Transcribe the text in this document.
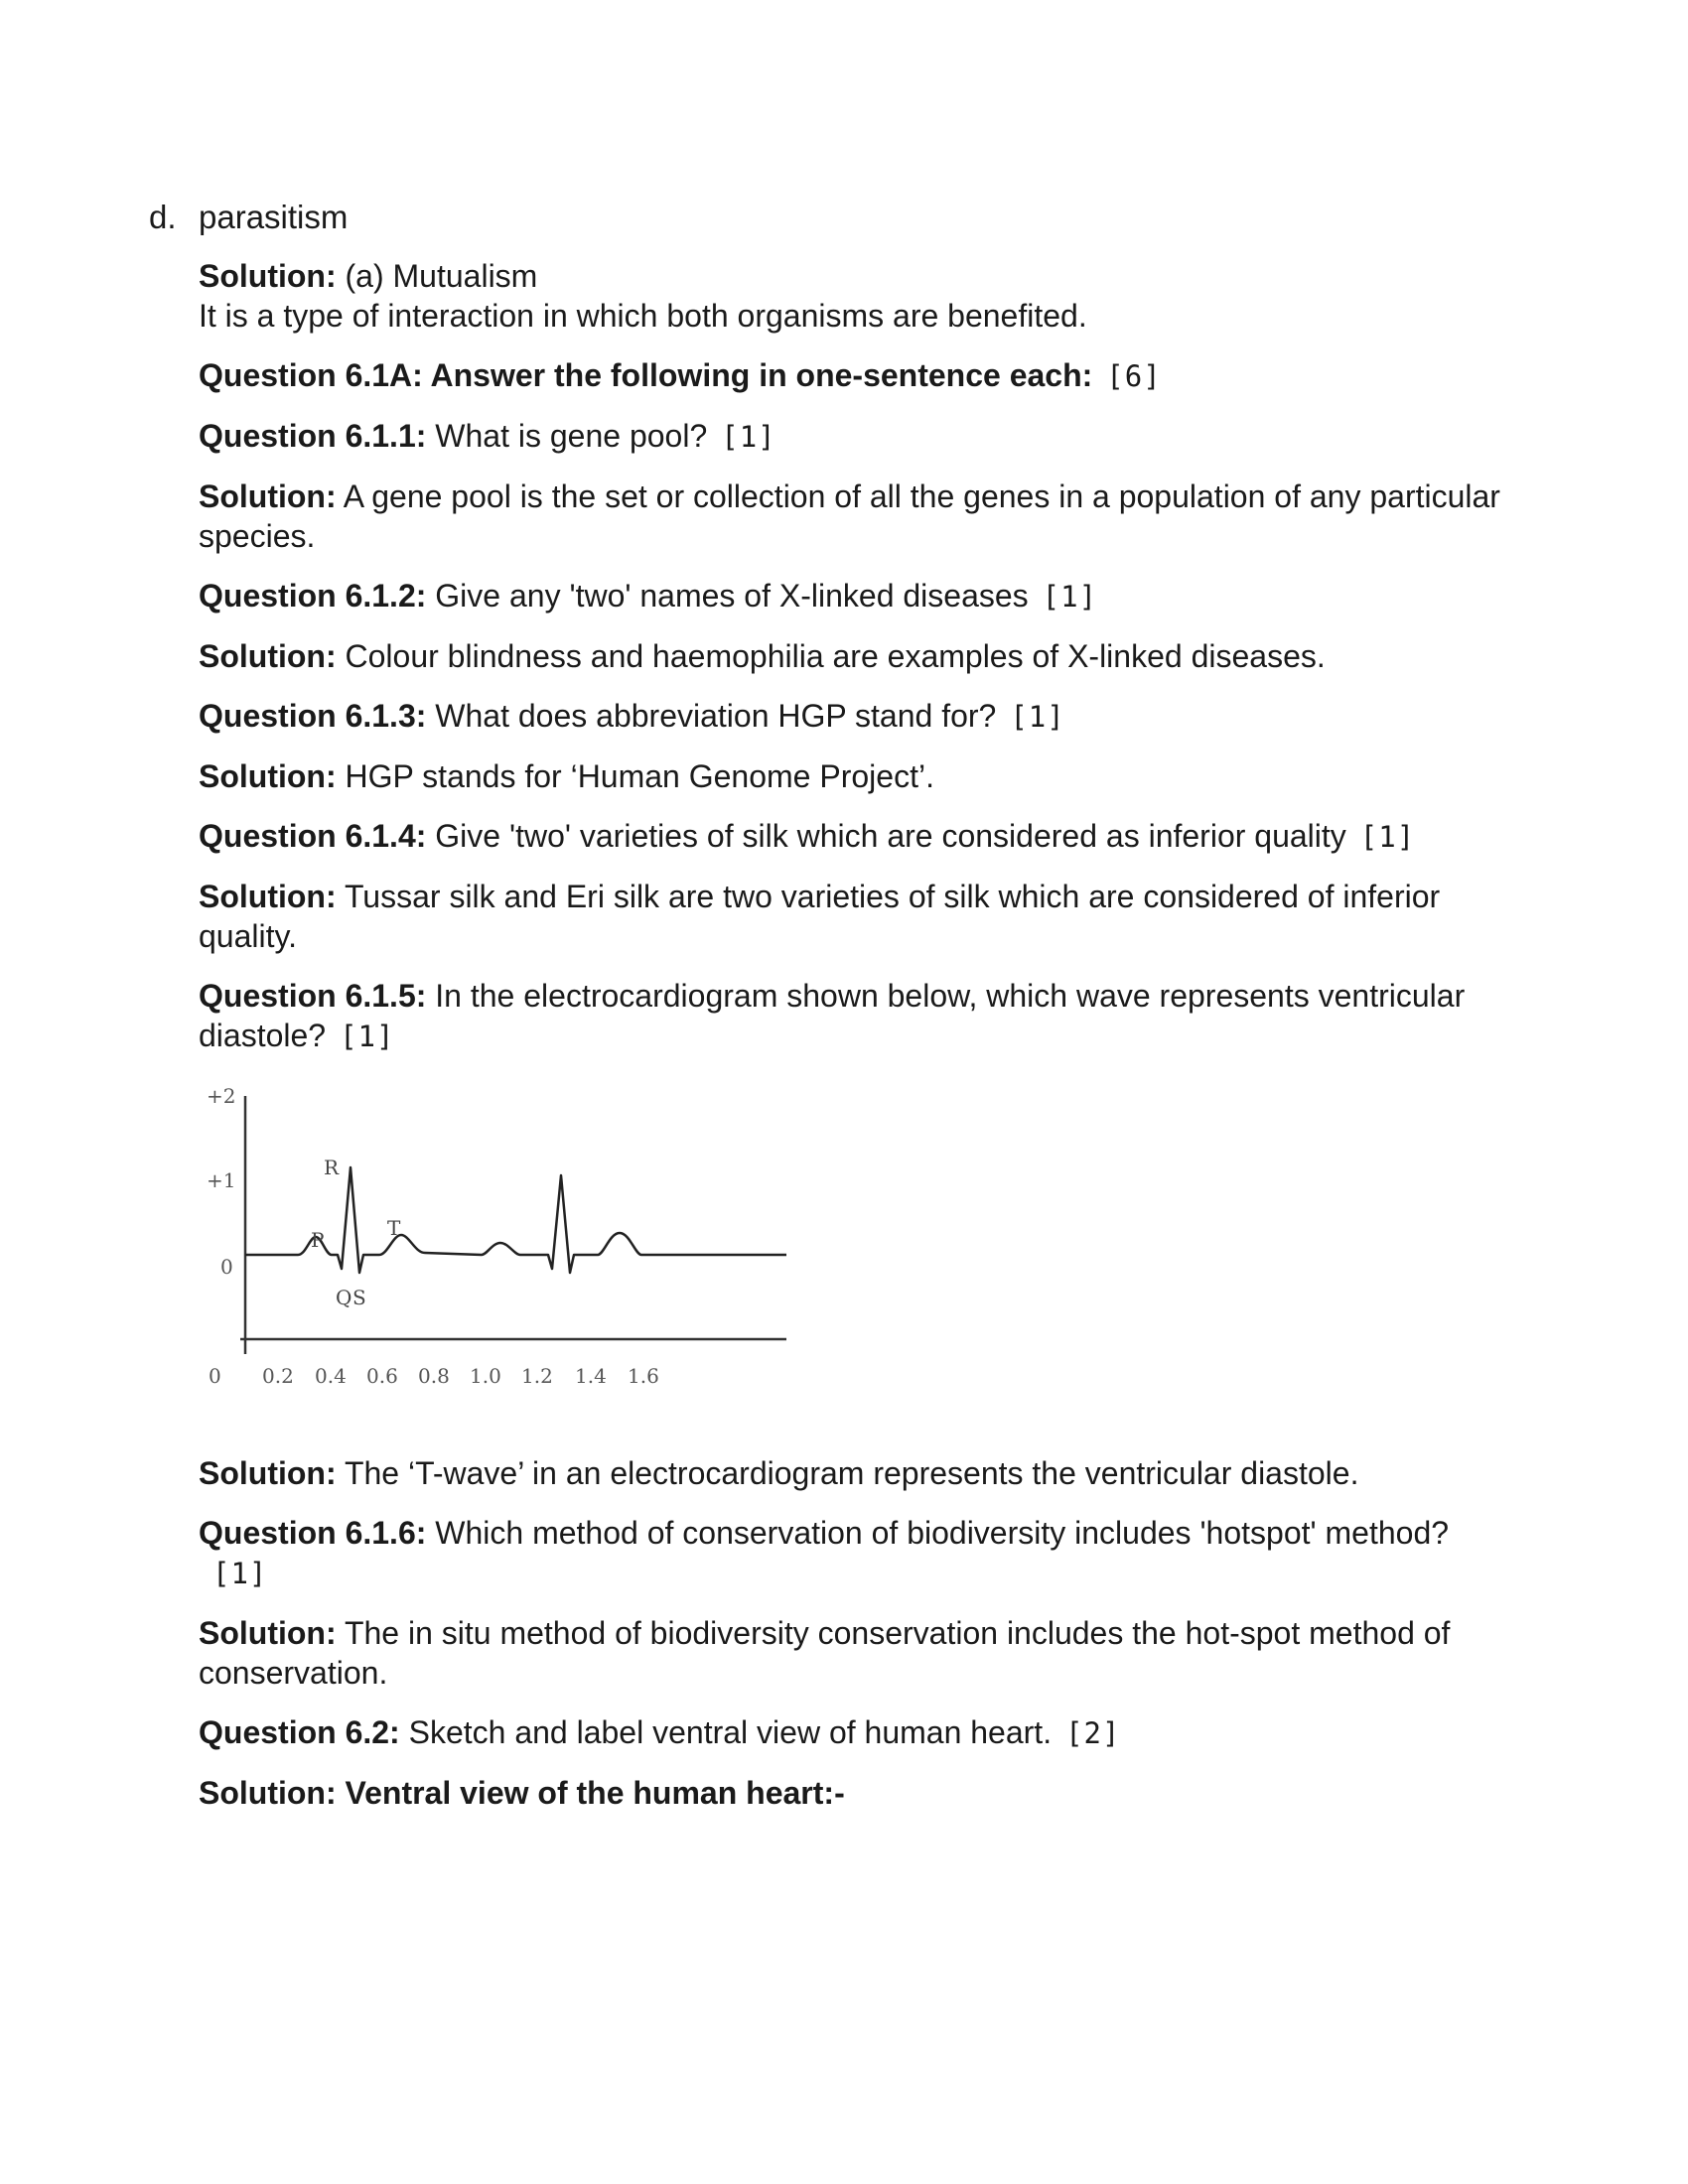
d. parasitism

Solution: (a) Mutualism

It is a type of interaction in which both organisms are benefited.

Question 6.1A: Answer the following in one-sentence each: [6]

Question 6.1.1: What is gene pool? [1]

Solution: A gene pool is the set or collection of all the genes in a population of any particular species.

Question 6.1.2: Give any 'two' names of X-linked diseases [1]

Solution: Colour blindness and haemophilia are examples of X-linked diseases.

Question 6.1.3: What does abbreviation HGP stand for? [1]

Solution: HGP stands for ‘Human Genome Project’.

Question 6.1.4: Give 'two' varieties of silk which are considered as inferior quality [1]

Solution: Tussar silk and Eri silk are two varieties of silk which are considered of inferior quality.

Question 6.1.5: In the electrocardiogram shown below, which wave represents ventricular diastole? [1]

R
P	T
Q S
+2
+1
0
0 0.2 0.4 0.6 0.8 1.0 1.2 1.4 1.6

Solution: The ‘T-wave’ in an electrocardiogram represents the ventricular diastole.

Question 6.1.6: Which method of conservation of biodiversity includes 'hotspot' method?[1]

Solution: The in situ method of biodiversity conservation includes the hot-spot method of conservation.

Question 6.2: Sketch and label ventral view of human heart. [2]

Solution: Ventral view of the human heart:-
